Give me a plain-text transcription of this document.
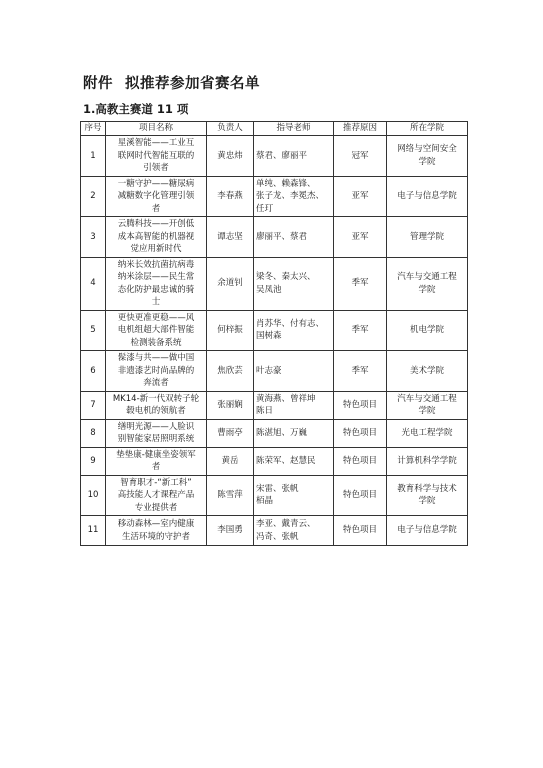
附件 拟推荐参加省赛名单
1.高教主赛道 11 项
序号	项目名称	负责人	指导老师	推荐原因	所在学院
1	星溪智能——工业互
联网时代智能互联的
引领者	黄忠炜	蔡君、廖丽平	冠军	网络与空间安全
学院

2	一糖守护——糖尿病
减糖数字化管理引领
者	李春燕	单纯、赖森锋、
张子龙、李冕杰、
任玎	亚军	电子与信息学院

3	云腾科技——开创低
成本高智能的机器视
觉应用新时代	谭志坚	廖丽平、蔡君	亚军	管理学院

4	纳米长效抗菌抗病毒
纳米涂层——民生常
态化防护最忠诚的骑
士	余道钊	梁冬、秦太兴、
吴凤池	季军	汽车与交通工程
学院

5	更快更准更稳——风
电机组超大部件智能
检测装备系统	何梓振	肖苏华、付有志、
国树森	季军	机电学院

6	髹漆与共——做中国
非遗漆艺时尚品牌的
奔流者	焦欣芸	叶志豪	季军	美术学院

7	MK14-新一代双转子轮
毂电机的领航者	张丽娴	黄海燕、曾祥坤
陈日	特色项目	汽车与交通工程
学院

8	缮明光源——人脸识
别智能家居照明系统	曹雨亭	陈湛旭、万巍	特色项目	光电工程学院

9	垫垫康-健康坐姿领军
者	黄岳	陈荣军、赵慧民	特色项目	计算机科学学院

10	智育职才-“新工科”
高技能人才课程产品
专业提供者	陈雪萍	宋雷、张帆
栢晶	特色项目	教育科学与技术
学院

11	移动森林—室内健康
生活环境的守护者	李国勇	李亚、戴青云、
冯奇、张帆	特色项目	电子与信息学院
